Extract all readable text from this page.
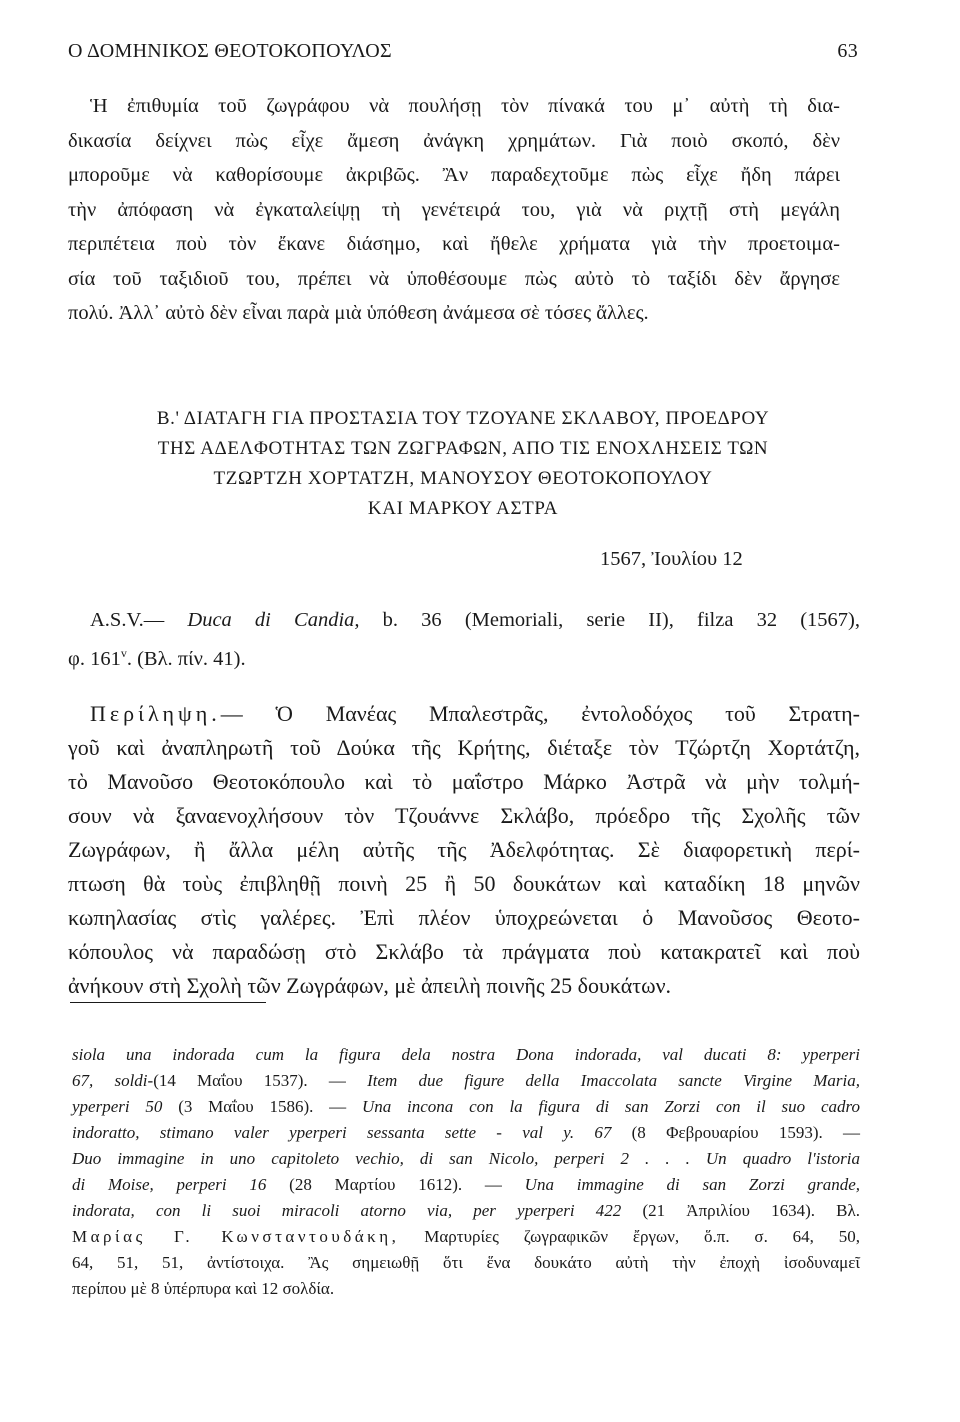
Ο ΔΟΜΗΝΙΚΟΣ ΘΕΟΤΟΚΟΠΟΥΛΟΣ	63
Ἡ ἐπιθυμία τοῦ ζωγράφου νὰ πουλήσῃ τὸν πίνακά του μ᾿ αὐτὴ τὴ δια-
δικασία δείχνει πὼς εἶχε ἄμεση ἀνάγκη χρημάτων. Γιὰ ποιὸ σκοπό, δὲν
μποροῦμε νὰ καθορίσουμε ἀκριβῶς. Ἂν παραδεχτοῦμε πὼς εἶχε ἤδη πάρει
τὴν ἀπόφαση νὰ ἐγκαταλείψῃ τὴ γενέτειρά του, γιὰ νὰ ριχτῇ στὴ μεγάλη
περιπέτεια ποὺ τὸν ἔκανε διάσημο, καὶ ἤθελε χρήματα γιὰ τὴν προετοιμα-
σία τοῦ ταξιδιοῦ του, πρέπει νὰ ὑποθέσουμε πὼς αὐτὸ τὸ ταξίδι δὲν ἄργησε
πολύ. Ἀλλ᾿ αὐτὸ δὲν εἶναι παρὰ μιὰ ὑπόθεση ἀνάμεσα σὲ τόσες ἄλλες.
Β.' ΔΙΑΤΑΓΗ ΓΙΑ ΠΡΟΣΤΑΣΙΑ ΤΟΥ ΤΖΟΥΑΝΕ ΣΚΛΑΒΟΥ, ΠΡΟΕΔΡΟΥ
ΤΗΣ ΑΔΕΛΦΟΤΗΤΑΣ ΤΩΝ ΖΩΓΡΑΦΩΝ, ΑΠΟ ΤΙΣ ΕΝΟΧΛΗΣΕΙΣ ΤΩΝ
ΤΖΩΡΤΖΗ ΧΟΡΤΑΤΖΗ, ΜΑΝΟΥΣΟΥ ΘΕΟΤΟΚΟΠΟΥΛΟΥ
ΚΑΙ ΜΑΡΚΟΥ ΑΣΤΡΑ
1567, Ἰουλίου 12
A.S.V.— Duca di Candia, b. 36 (Memoriali, serie II), filza 32 (1567),
φ. 161$^v$. (Βλ. πίν. 41).
Περίληψη.— Ὁ Μανέας Μπαλεστρᾶς, ἐντολοδόχος τοῦ Στρατη-
γοῦ καὶ ἀναπληρωτῆ τοῦ Δούκα τῆς Κρήτης, διέταξε τὸν Τζώρτζη Χορτάτζη,
τὸ Μανοῦσο Θεοτοκόπουλο καὶ τὸ μαΐστρο Μάρκο Ἀστρᾶ νὰ μὴν τολμή-
σουν νὰ ξαναενοχλήσουν τὸν Τζουάννε Σκλάβο, πρόεδρο τῆς Σχολῆς τῶν
Ζωγράφων, ἢ ἄλλα μέλη αὐτῆς τῆς Ἀδελφότητας. Σὲ διαφορετικὴ περί-
πτωση θὰ τοὺς ἐπιβληθῇ ποινὴ 25 ἢ 50 δουκάτων καὶ καταδίκη 18 μηνῶν
κωπηλασίας στὶς γαλέρες. Ἐπὶ πλέον ὑποχρεώνεται ὁ Μανοῦσος Θεοτο-
κόπουλος νὰ παραδώσῃ στὸ Σκλάβο τὰ πράγματα ποὺ κατακρατεῖ καὶ ποὺ
ἀνήκουν στὴ Σχολὴ τῶν Ζωγράφων, μὲ ἀπειλὴ ποινῆς 25 δουκάτων.
siola una indorada cum la figura dela nostra Dona indorada, val ducati 8: yperperi
67, soldi-(14 Μαΐου 1537). — Item due figure della Imaccolata sancte Virgine Maria,
yperperi 50 (3 Μαΐου 1586). — Una incona con la figura di san Zorzi con il suo cadro
indoratto, stimano valer yperperi sessanta sette - val y. 67 (8 Φεβρουαρίου 1593). —
Duo immagine in uno capitoleto vechio, di san Nicolo, perperi 2 . . . Un quadro l'istoria
di Moise, perperi 16 (28 Μαρτίου 1612). — Una immagine di san Zorzi grande,
indorata, con li suoi miracoli atorno via, per yperperi 422 (21 Ἀπριλίου 1634). Βλ.
Μαρίας Γ. Κωνσταντουδάκη, Μαρτυρίες ζωγραφικῶν ἔργων, ὅ.π. σ. 64, 50,
64, 51, 51, ἀντίστοιχα. Ἂς σημειωθῇ ὅτι ἕνα δουκάτο αὐτὴ τὴν ἐποχὴ ἰσοδυναμεῖ
περίπου μὲ 8 ὑπέρπυρα καὶ 12 σολδία.
